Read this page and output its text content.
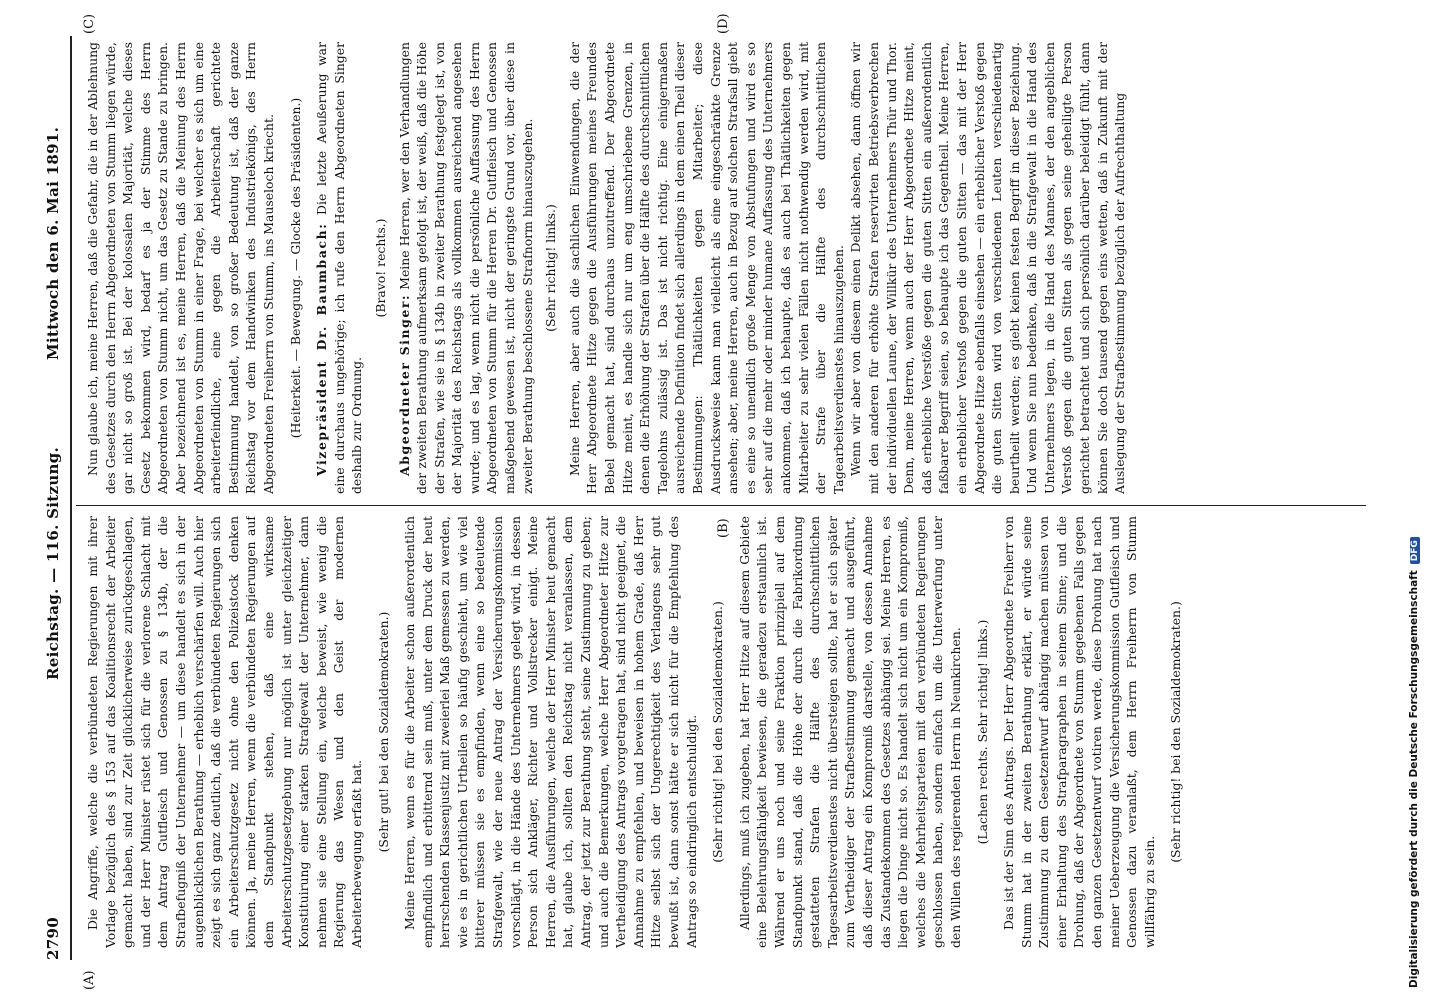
2790
Reichstag. — 116. Sitzung.
Mittwoch den 6. Mai 1891.
(A)
(B)
(C)	(D)

Die Angriffe, welche die verbündeten Regierungen mit ihrer Vorlage bezüglich des § 153 auf das Koalitionsrecht der Arbeiter gemacht haben, sind zur Zeit glücklicherweise zurückgeschlagen, und der Herr Minister rüstet sich für die verlorene Schlacht mit dem Antrag Gutfleisch und Genossen zu § 134b, der die Strafbefugniß der Unternehmer — um diese handelt es sich in der augenblicklichen Berathung — erheblich verschärfen will. Auch hier zeigt es sich ganz deutlich, daß die verbündeten Regierungen sich ein Arbeiterschutzgesetz nicht ohne den Polizeistock denken können. Ja, meine Herren, wenn die verbündeten Regierungen auf dem Standpunkt stehen, daß eine wirksame Arbeiterschutzgesetzgebung nur möglich ist unter gleichzeitiger Konstituirung einer starken Strafgewalt der Unternehmer, dann nehmen sie eine Stellung ein, welche beweist, wie wenig die Regierung das Wesen und den Geist der modernen Arbeiterbewegung erfaßt hat.

(Sehr gut! bei den Sozialdemokraten.) Meine Herren, wenn es für die Arbeiter schon außerordentlich empfindlich und erbitternd sein muß, unter dem Druck der heut herrschenden Klassenjustiz mit zweierlei Maß gemessen zu werden, wie es in gerichtlichen Urtheilen so häufig geschieht, um wie viel bitterer müssen sie es empfinden, wenn eine so bedeutende Strafgewalt, wie der neue Antrag der Versicherungskommission vorschlägt, in die Hände des Unternehmers gelegt wird, in dessen Person sich Ankläger, Richter und Vollstrecker einigt. Meine Herren, die Ausführungen, welche der Herr Minister heut gemacht hat, glaube ich, sollten den Reichstag nicht veranlassen, dem Antrag, der jetzt zur Berathung steht, seine Zustimmung zu geben; und auch die Bemerkungen, welche Herr Abgeordneter Hitze zur Vertheidigung des Antrags vorgetragen hat, sind nicht geeignet, die Annahme zu empfehlen, und beweisen in hohem Grade, daß Herr Hitze selbst sich der Ungerechtigkeit des Verlangens sehr gut bewußt ist, dann sonst hätte er sich nicht für die Empfehlung des Antrags so eindringlich entschuldigt. (Sehr richtig! bei den Sozialdemokraten.) Allerdings, muß ich zugeben, hat Herr Hitze auf diesem Gebiete eine Belehrungsfähigkeit bewiesen, die geradezu erstaunlich ist. Während er uns noch und seine Fraktion prinzipiell auf dem Standpunkt stand, daß die Höhe der durch die Fabrikordnung gestatteten Strafen die Hälfte des durchschnittlichen Tagesarbeitsverdienstes nicht übersteigen sollte, hat er sich später zum Vertheidiger der Strafbestimmung gemacht und ausgeführt, daß dieser Antrag ein Kompromiß darstelle, von dessen Annahme das Zustandekommen des Gesetzes abhängig sei. Meine Herren, es liegen die Dinge nicht so. Es handelt sich nicht um ein Kompromiß, welches die Mehrheitsparteien mit den verbündeten Regierungen geschlossen haben, sondern einfach um die Unterwerfung unter den Willen des regierenden Herrn in Neunkirchen. (Lachen rechts. Sehr richtig! links.) Das ist der Sinn des Antrags. Der Herr Abgeordnete Freiherr von Stumm hat in der zweiten Berathung erklärt, er würde seine Zustimmung zu dem Gesetzentwurf abhängig machen müssen von einer Erhaltung des Strafparagraphen in seinem Sinne; und die Drohung, daß der Abgeordnete von Stumm gegebenen Falls gegen den ganzen Gesetzentwurf votiren werde, diese Drohung hat nach meiner Ueberzeugung die Versicherungskommission Gutfleisch und Genossen dazu veranlaßt, dem Herrn Freiherrn von Stumm willfährig zu sein.

(Sehr richtig! bei den Sozialdemokraten.)

Nun glaube ich, meine Herren, daß die Gefahr, die in der Ablehnung des Gesetzes durch den Herrn Abgeordneten von Stumm liegen würde, gar nicht so groß ist. Bei der kolossalen Majorität, welche dieses Gesetz bekommen wird, bedarf es ja der Stimme des Herrn Abgeordneten von Stumm nicht, um das Gesetz zu Stande zu bringen. Aber bezeichnend ist es, meine Herren, daß die Meinung des Herrn Abgeordneten von Stumm in einer Frage, bei welcher es sich um eine arbeiterfeindliche, eine gegen die Arbeiterschaft gerichtete Bestimmung handelt, von so großer Bedeutung ist, daß der ganze Reichstag vor dem Handwinken des Industriekönigs, des Herrn Abgeordneten Freiherrn von Stumm, ins Mauseloch kriecht. (Heiterkeit. — Bewegung. — Glocke des Präsidenten.) Vizepräsident Dr. Baumbach: Die letzte Aeußerung war eine durchaus ungehörige; ich rufe den Herrn Abgeordneten Singer deshalb zur Ordnung.

(Bravo! rechts.)

Abgeordneter Singer: Meine Herren, wer den Verhandlungen der zweiten Berathung aufmerksam gefolgt ist, der weiß, daß die Höhe der Strafen, wie sie in § 134b in zweiter Berathung festgelegt ist, von der Majorität des Reichstags als vollkommen ausreichend angesehen wurde; und es lag, wenn nicht die persönliche Auffassung des Herrn Abgeordneten von Stumm für die Herren Dr. Gutfleisch und Genossen maßgebend gewesen ist, nicht der geringste Grund vor, über diese in zweiter Berathung beschlossene Strafnorm hinauszugehen. (Sehr richtig! links.) Meine Herren, aber auch die sachlichen Einwendungen, die der Herr Abgeordnete Hitze gegen die Ausführungen meines Freundes Bebel gemacht hat, sind durchaus unzutreffend. Der Abgeordnete Hitze meint, es handle sich nur um eng umschriebene Grenzen, in denen die Erhöhung der Strafen über die Hälfte des durchschnittlichen Tagelohns zulässig ist. Das ist nicht richtig. Eine einigermaßen ausreichende Definition findet sich allerdings in dem einen Theil dieser Bestimmungen: Thätlichkeiten gegen Mitarbeiter; diese Ausdrucksweise kann man vielleicht als eine eingeschränkte Grenze ansehen; aber, meine Herren, auch in Bezug auf solchen Strafsall giebt es eine so unendlich große Menge von Abstufungen und wird es so sehr auf die mehr oder minder humane Auffassung des Unternehmers ankommen, daß ich behaupte, daß es auch bei Thätlichkeiten gegen Mitarbeiter zu sehr vielen Fällen nicht nothwendig werden wird, mit der Strafe über die Hälfte des durchschnittlichen Tagearbeitsverdienstes hinauszugehen. Wenn wir aber von diesem einen Delikt absehen, dann öffnen wir mit den anderen für erhöhte Strafen reservirten Betriebsverbrechen der individuellen Laune, der Willkür des Unternehmers Thür und Thor. Denn, meine Herren, wenn auch der Herr Abgeordnete Hitze meint, daß erhebliche Verstöße gegen die guten Sitten ein außerordentlich faßbarer Begriff seien, so behaupte ich das Gegentheil. Meine Herren, ein erheblicher Verstoß gegen die guten Sitten — das mit der Herr Abgeordnete Hitze ebenfalls einsehen — ein erheblicher Verstoß gegen die guten Sitten wird von verschiedenen Leuten verschiedenartig beurtheilt werden; es giebt keinen festen Begriff in dieser Beziehung. Und wenn Sie nun bedenken, daß in die Strafgewalt in die Hand des Unternehmers legen, in die Hand des Mannes, der den angeblichen Verstoß gegen die guten Sitten als gegen seine geheiligte Person gerichtet betrachtet und sich persönlich darüber beleidigt fühlt, dann können Sie doch tausend gegen eins wetten, daß in Zukunft mit der Auslegung der Strafbestimmung bezüglich der Aufrechthaltung

Digitalisierung gefördert durch die Deutsche ForschungsgemeinschaftDFG
